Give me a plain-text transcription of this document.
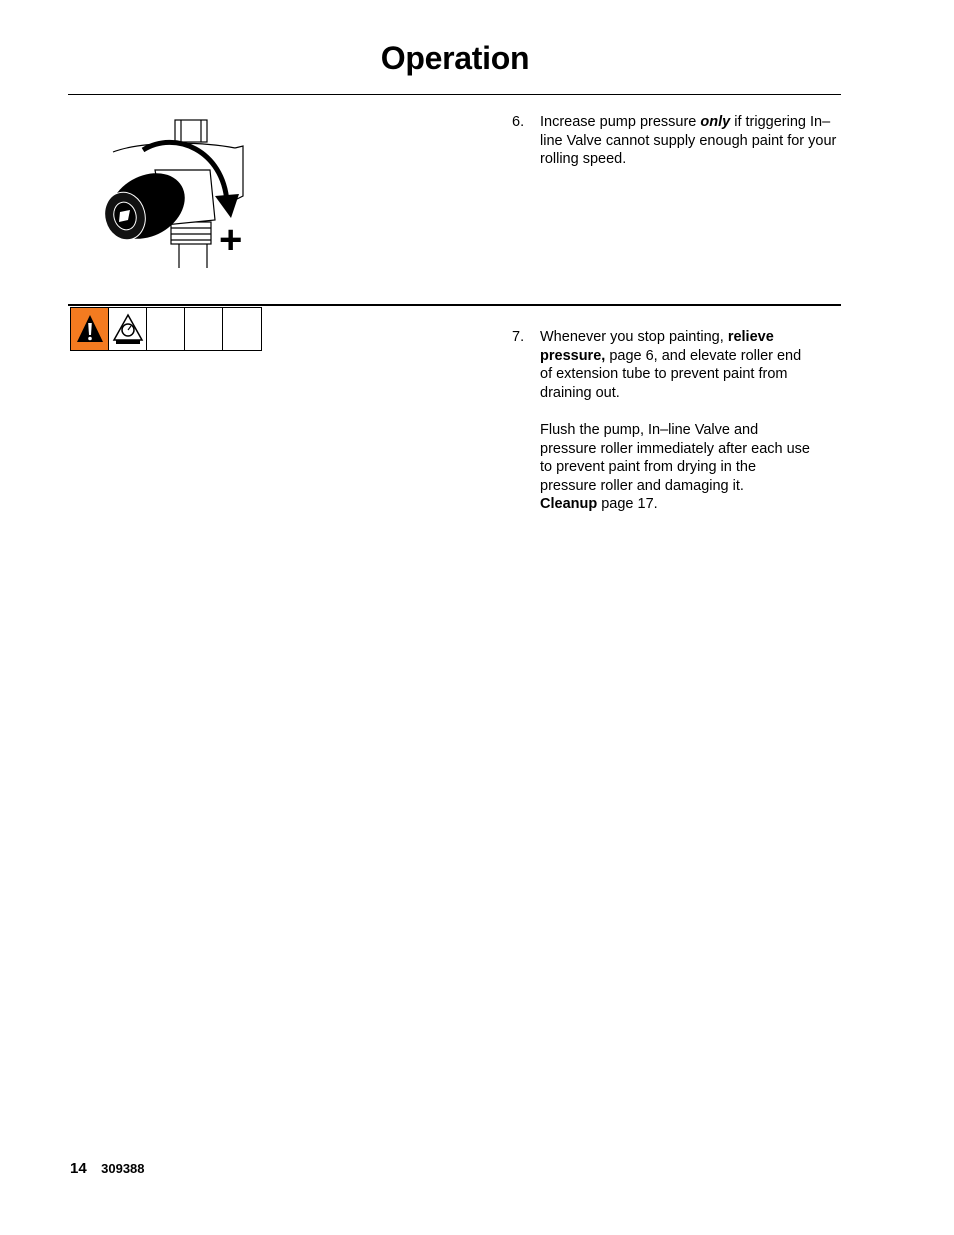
Operation
+
6. Increase pump pressure only if triggering In–line Valve cannot supply enough paint for your rolling speed.
7. Whenever you stop painting, relieve pressure, page 6, and elevate roller end of extension tube to prevent paint from draining out.

Flush the pump, In–line Valve and pressure roller immediately after each use to prevent paint from drying in the pressure roller and damaging it.   Cleanup page 17.

14 309388
